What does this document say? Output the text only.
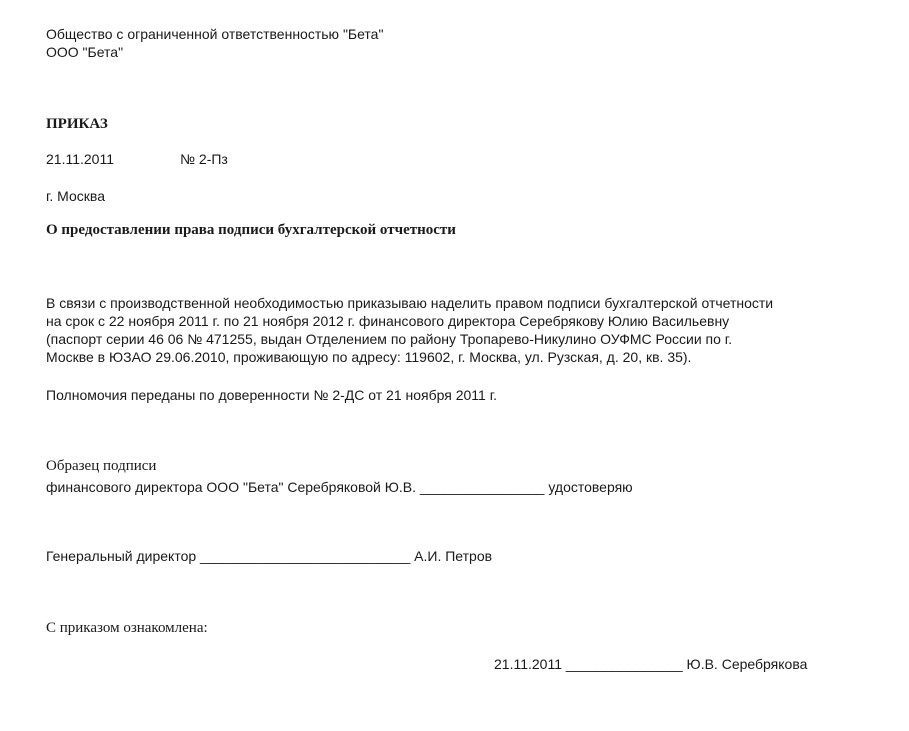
Общество с ограниченной ответственностью "Бета"
ООО "Бета"
ПРИКАЗ
21.11.2011	№ 2-Пз
г. Москва
О предоставлении права подписи бухгалтерской отчетности
В связи с производственной необходимостью приказываю наделить правом подписи бухгалтерской отчетности
на срок с 22 ноября 2011 г. по 21 ноября 2012 г. финансового директора Серебрякову Юлию Васильевну
(паспорт серии 46 06 № 471255, выдан Отделением по району Тропарево-Никулино ОУФМС России по г.
Москве в ЮЗАО 29.06.2010, проживающую по адресу: 119602, г. Москва, ул. Рузская, д. 20, кв. 35).
Полномочия переданы по доверенности № 2-ДС от 21 ноября 2011 г.
Образец подписи
финансового директора ООО "Бета" Серебряковой Ю.В. ________________ удостоверяю
Генеральный директор ___________________________ А.И. Петров
С приказом ознакомлена:
21.11.2011 _______________ Ю.В. Серебрякова
